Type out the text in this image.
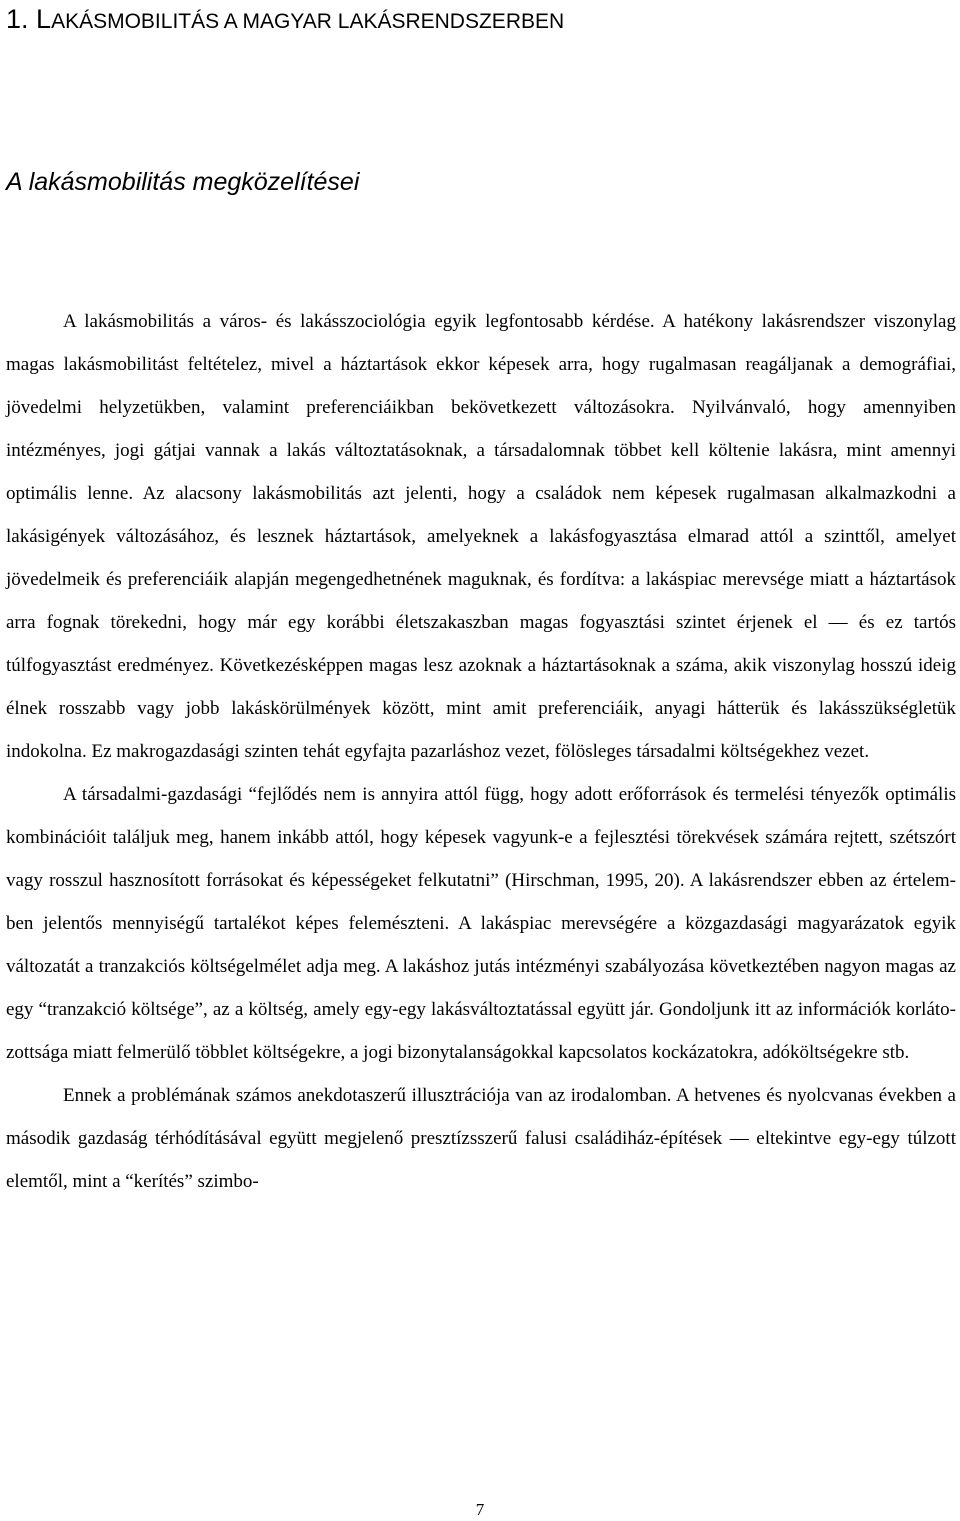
1. LAKÁSMOBILITÁS A MAGYAR LAKÁSRENDSZERBEN
A lakásmobilitás megközelítései

A lakásmobilitás a város- és lakásszociológia egyik legfontosabb kérdése. A hatékony lakásrendszer viszonylag magas lakásmobilitást feltételez, mivel a háztartások ekkor képesek arra, hogy rugalmasan reagáljanak a demográfiai, jövedelmi helyzetükben, valamint preferenciáikban bekövetkezett változásokra. Nyilvánvaló, hogy amennyiben intézményes, jogi gátjai vannak a lakás változtatásoknak, a társadalomnak többet kell költenie lakásra, mint amennyi optimális lenne. Az alacsony lakásmobilitás azt jelenti, hogy a családok nem képesek rugalmasan alkalmazkodni a lakásigények változásához, és lesznek háztartások, amelyeknek a lakásfogyasztása elmarad attól a szinttől, amelyet jövedelmeik és preferenciáik alapján megengedhetnének maguknak, és fordítva: a lakáspiac merevsége miatt a háztartások arra fognak törekedni, hogy már egy korábbi életszakaszban magas fogyasztási szintet érjenek el — és ez tartós túlfogyasztást eredményez. Következésképpen magas lesz azoknak a háztartásoknak a száma, akik viszonylag hosszú ideig élnek rosszabb vagy jobb lakáskörülmények között, mint amit preferenciáik, anyagi hátterük és lakásszükségletük indokolna. Ez makrogazdasági szinten tehát egyfajta pazarláshoz vezet, fölösleges társadalmi költségekhez vezet.

A társadalmi-gazdasági “fejlődés nem is annyira attól függ, hogy adott erőforrások és termelési tényezők optimális kombinációit találjuk meg, hanem inkább attól, hogy képesek vagyunk-e a fejlesztési törekvések számára rejtett, szétszórt vagy rosszul hasznosított forrásokat és képességeket felkutatni” (Hirschman, 1995, 20). A lakásrendszer ebben az értelemben jelentős mennyiségű tartalékot képes felemészteni. A lakáspiac merevségére a közgazdasági magyarázatok egyik változatát a tranzakciós költségelmélet adja meg. A lakáshoz jutás intézményi szabályozása következtében nagyon magas az egy “tranzakció költsége”, az a költség, amely egy-egy lakásváltoztatással együtt jár. Gondoljunk itt az információk korlátozottsága miatt felmerülő többlet költségekre, a jogi bizonytalanságokkal kapcsolatos kockázatokra, adóköltségekre stb.

Ennek a problémának számos anekdotaszerű illusztrációja van az irodalomban. A hetvenes és nyolcvanas években a második gazdaság térhódításával együtt megjelenő presztízsszerű falusi családiház-építések — eltekintve egy-egy túlzott elemtől, mint a “kerítés” szimbo-

7
